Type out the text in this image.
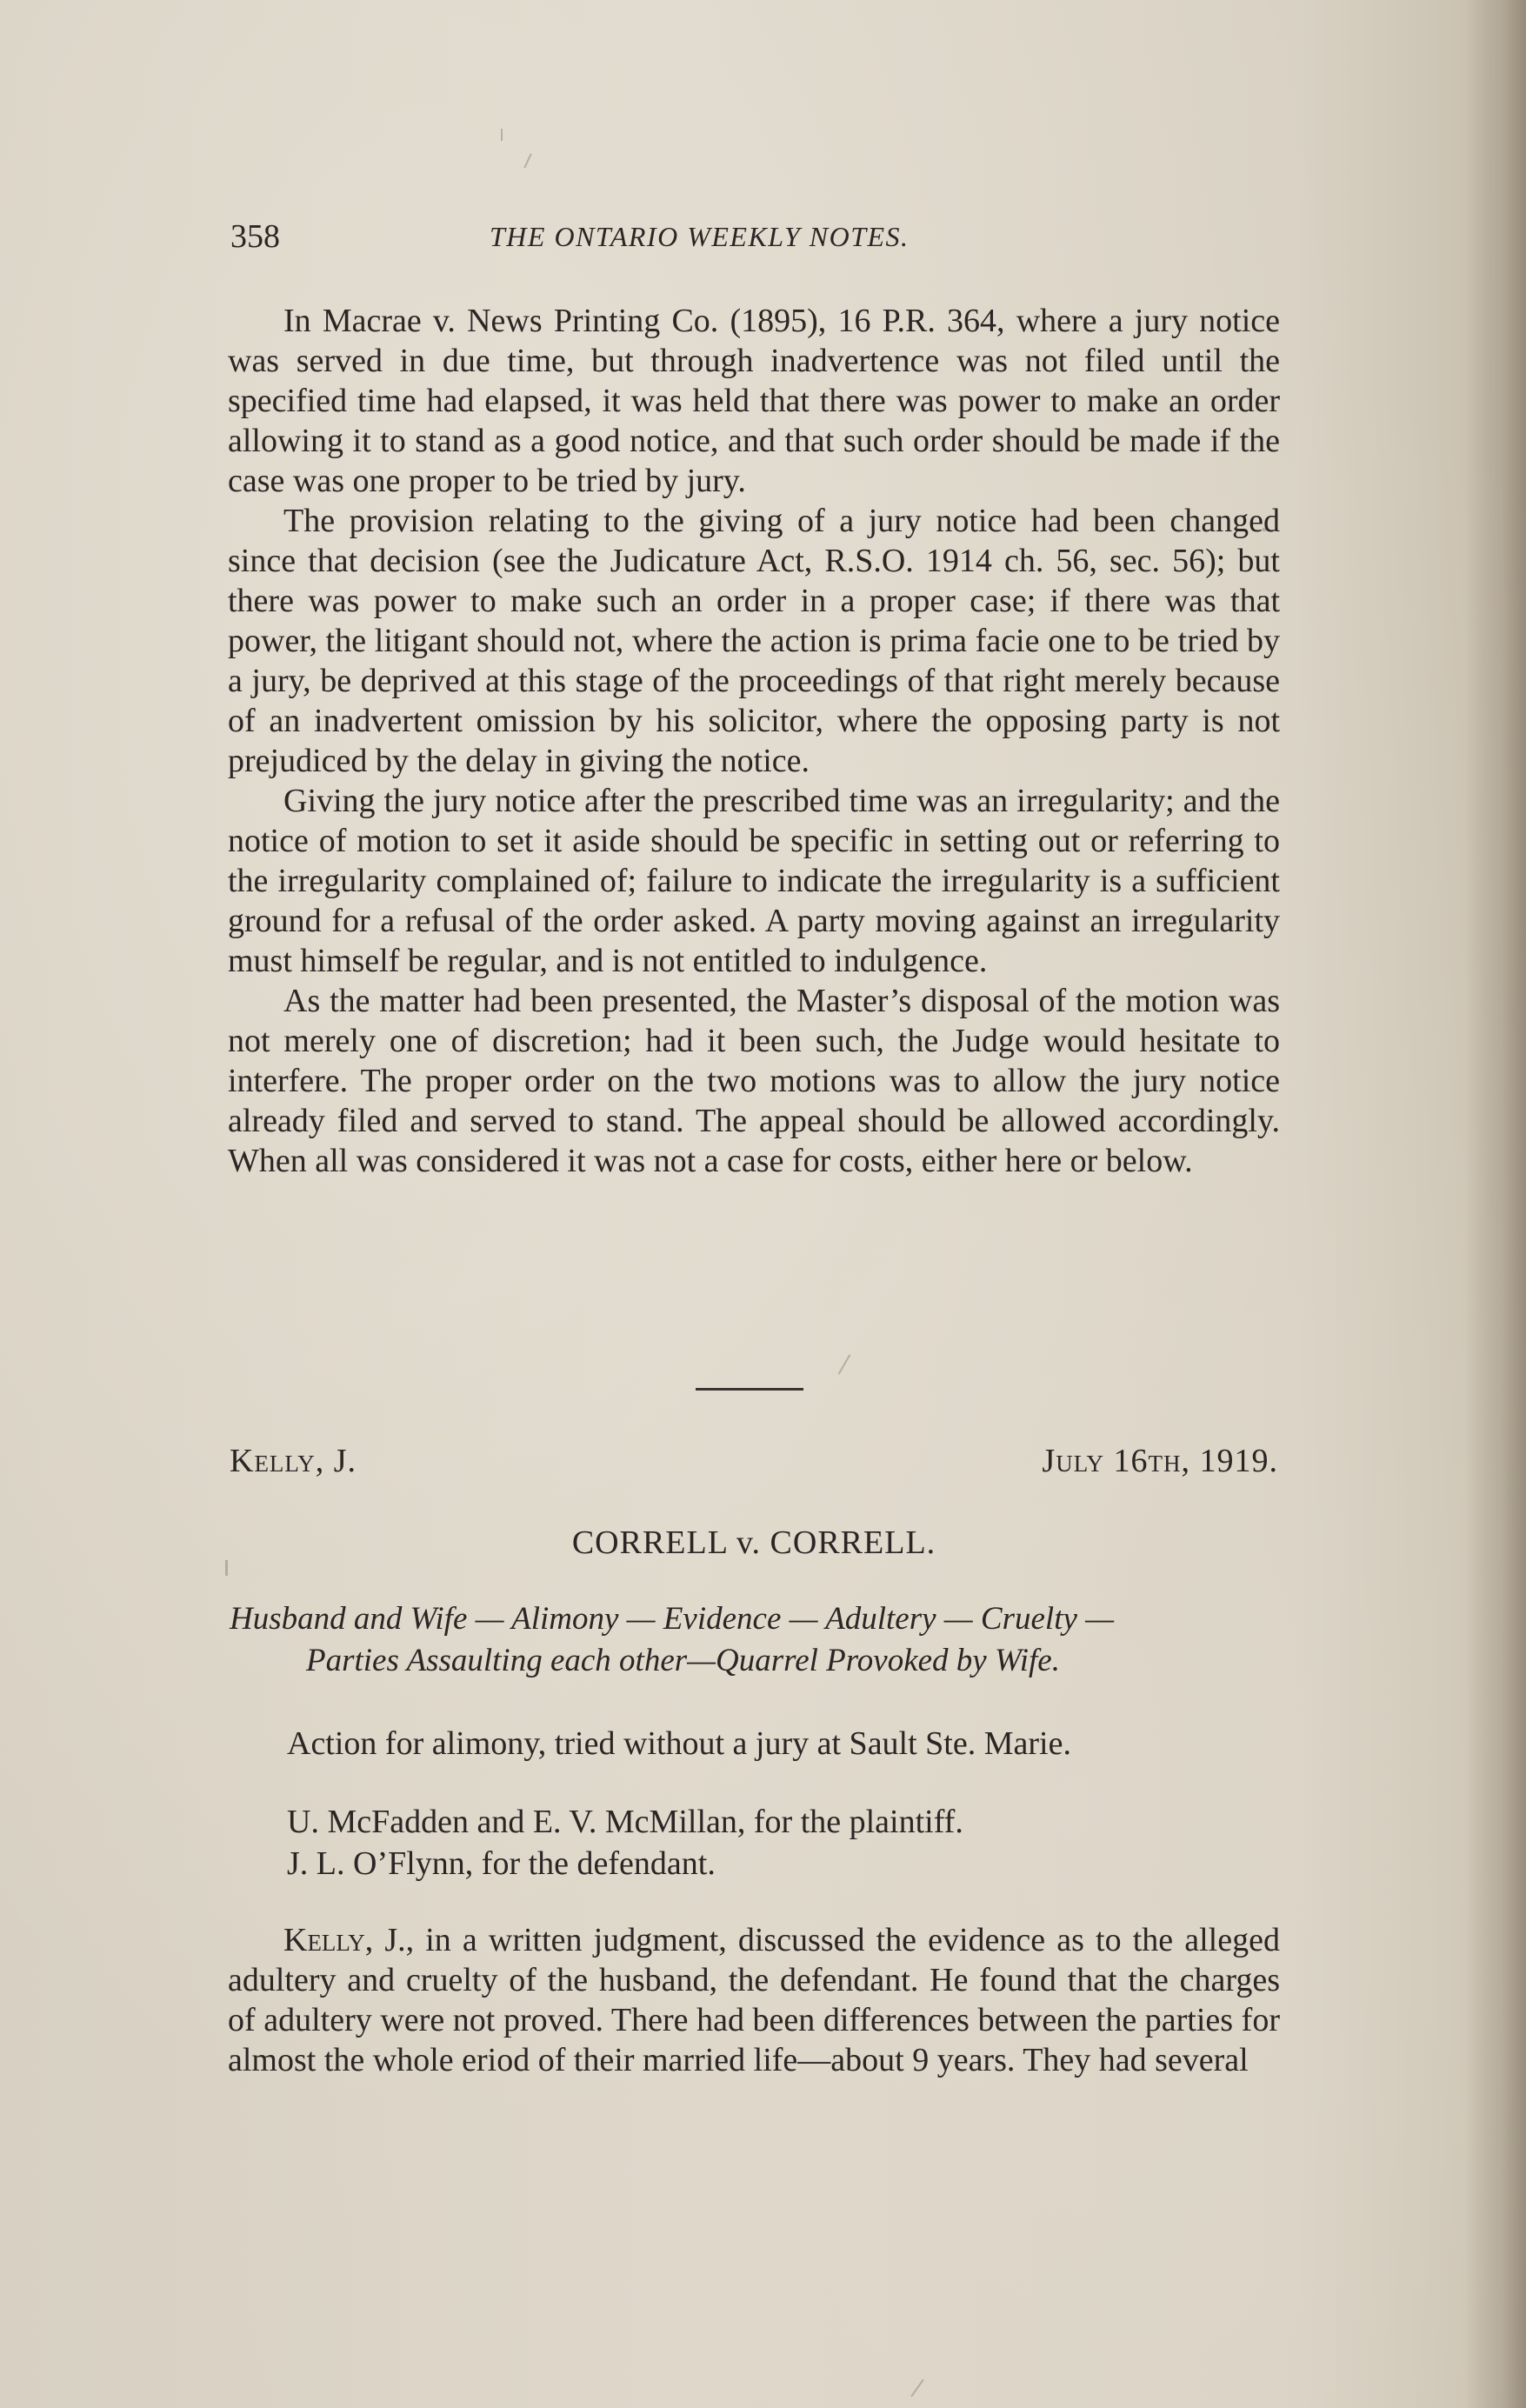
358	THE ONTARIO WEEKLY NOTES.

In Macrae v. News Printing Co. (1895), 16 P.R. 364, where a jury notice was served in due time, but through inadvertence was not filed until the specified time had elapsed, it was held that there was power to make an order allowing it to stand as a good notice, and that such order should be made if the case was one proper to be tried by jury.

The provision relating to the giving of a jury notice had been changed since that decision (see the Judicature Act, R.S.O. 1914 ch. 56, sec. 56); but there was power to make such an order in a proper case; if there was that power, the litigant should not, where the action is prima facie one to be tried by a jury, be deprived at this stage of the proceedings of that right merely because of an inadvertent omission by his solicitor, where the opposing party is not prejudiced by the delay in giving the notice.

Giving the jury notice after the prescribed time was an irregularity; and the notice of motion to set it aside should be specific in setting out or referring to the irregularity complained of; failure to indicate the irregularity is a sufficient ground for a refusal of the order asked. A party moving against an irregularity must himself be regular, and is not entitled to indulgence.

As the matter had been presented, the Master’s disposal of the motion was not merely one of discretion; had it been such, the Judge would hesitate to interfere. The proper order on the two motions was to allow the jury notice already filed and served to stand. The appeal should be allowed accordingly. When all was considered it was not a case for costs, either here or below.

Kelly, J.	July 16th, 1919.
CORRELL v. CORRELL.
Husband and Wife — Alimony — Evidence — Adultery — Cruelty —
Parties Assaulting each other—Quarrel Provoked by Wife.
Action for alimony, tried without a jury at Sault Ste. Marie.
U. McFadden and E. V. McMillan, for the plaintiff.
J. L. O’Flynn, for the defendant.

Kelly, J., in a written judgment, discussed the evidence as to the alleged adultery and cruelty of the husband, the defendant. He found that the charges of adultery were not proved. There had been differences between the parties for almost the whole eriod of their married life—about 9 years. They had several
